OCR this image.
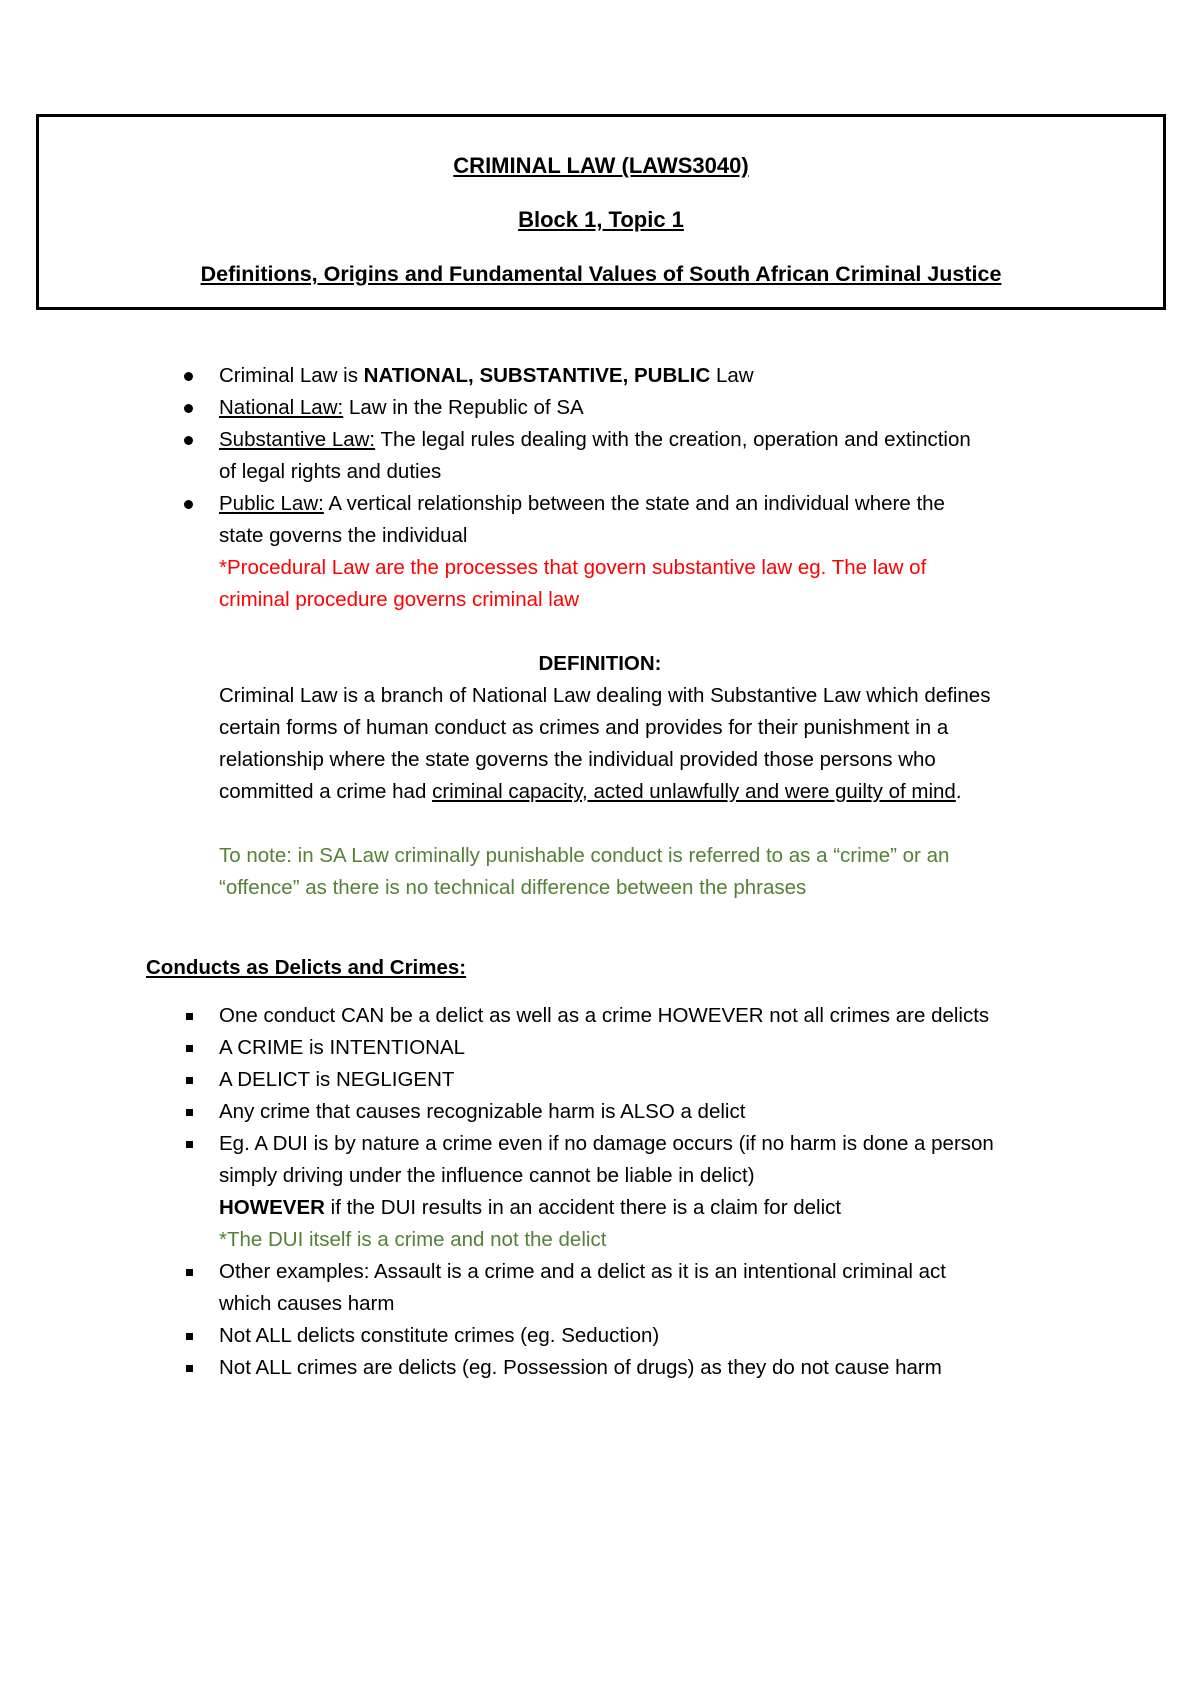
CRIMINAL LAW (LAWS3040)
Block 1, Topic 1
Definitions, Origins and Fundamental Values of South African Criminal Justice
Criminal Law is NATIONAL, SUBSTANTIVE, PUBLIC Law
National Law: Law in the Republic of SA
Substantive Law: The legal rules dealing with the creation, operation and extinction
of legal rights and duties
Public Law: A vertical relationship between the state and an individual where the
state governs the individual
*Procedural Law are the processes that govern substantive law eg. The law of
criminal procedure governs criminal law
DEFINITION:
Criminal Law is a branch of National Law dealing with Substantive Law which defines
certain forms of human conduct as crimes and provides for their punishment in a
relationship where the state governs the individual provided those persons who
committed a crime had criminal capacity, acted unlawfully and were guilty of mind.
To note: in SA Law criminally punishable conduct is referred to as a “crime” or an
“offence” as there is no technical difference between the phrases
Conducts as Delicts and Crimes:
One conduct CAN be a delict as well as a crime HOWEVER not all crimes are delicts
A CRIME is INTENTIONAL
A DELICT is NEGLIGENT
Any crime that causes recognizable harm is ALSO a delict
Eg. A DUI is by nature a crime even if no damage occurs (if no harm is done a person
simply driving under the influence cannot be liable in delict)
HOWEVER if the DUI results in an accident there is a claim for delict
*The DUI itself is a crime and not the delict
Other examples: Assault is a crime and a delict as it is an intentional criminal act
which causes harm
Not ALL delicts constitute crimes (eg. Seduction)
Not ALL crimes are delicts (eg. Possession of drugs) as they do not cause harm
